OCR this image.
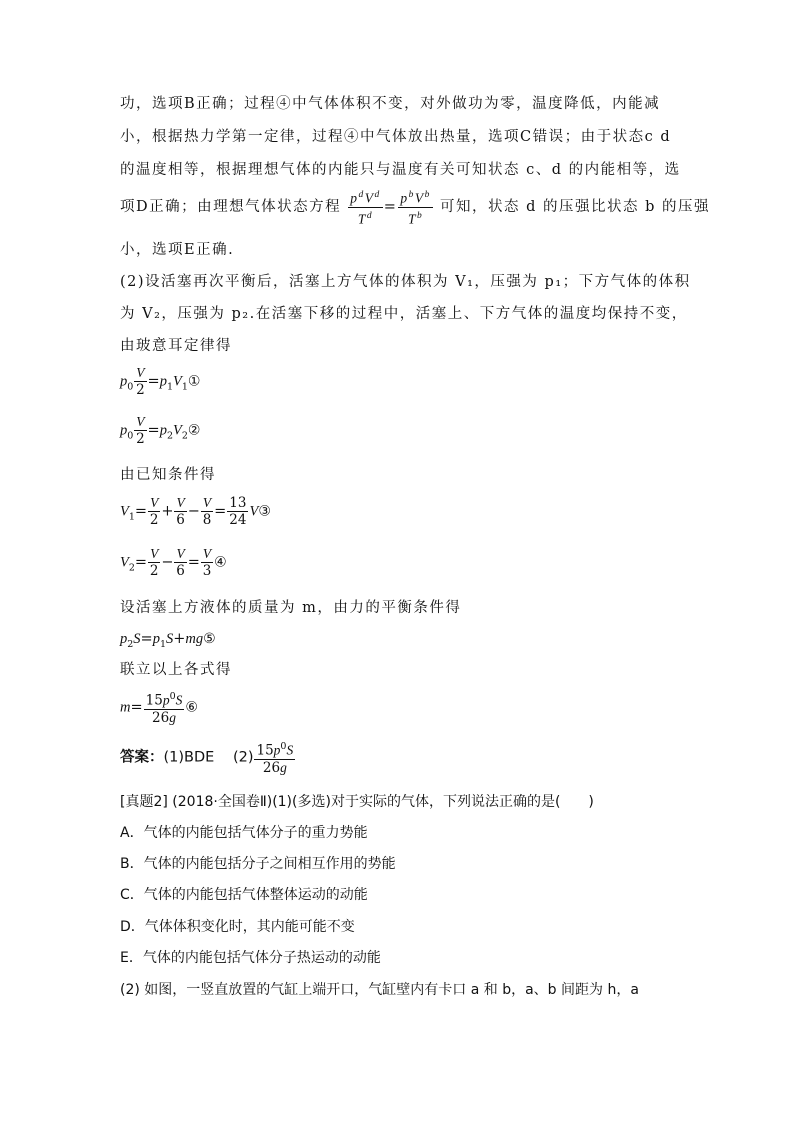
功，选项B正确；过程④中气体体积不变，对外做功为零，温度降低，内能减
小，根据热力学第一定律，过程④中气体放出热量，选项C错误；由于状态c d
的温度相等，根据理想气体的内能只与温度有关可知状态 c、d 的内能相等，选
项D正确；由理想气体状态方程 $\frac{p^dV^d}{T^d} = \frac{p^bV^b}{T^b}$ 可知，状态 d 的压强比状态 b 的压强
小，选项E正确.
(2)设活塞再次平衡后，活塞上方气体的体积为 V₁，压强为 p₁；下方气体的体积
为 V₂，压强为 p₂.在活塞下移的过程中，活塞上、下方气体的温度均保持不变，
由玻意耳定律得
$p_0 \frac{V}{2}$ $=p_1V_1①$
$p_0 \frac{V}{2}$ $=p_2V_2②$
由已知条件得
$V_1= \frac{V}{2} + \frac{V}{6} - \frac{V}{8} = \frac{13}{24}$ V③
$V_2= \frac{V}{2} - \frac{V}{6} = \frac{V}{3}$ ④
设活塞上方液体的质量为 m，由力的平衡条件得
$p_2S=p_1S+mg⑤$
联立以上各式得
$m= \frac{15p^0S}{26g}$ ⑥
答案：(1)BDE $(2) \frac{15p^0S}{26g}$
[真题2] (2018·全国卷Ⅱ)(1)(多选)对于实际的气体，下列说法正确的是(　　)
A．气体的内能包括气体分子的重力势能
B．气体的内能包括分子之间相互作用的势能
C．气体的内能包括气体整体运动的动能
D．气体体积变化时，其内能可能不变
E．气体的内能包括气体分子热运动的动能
(2) 如图，一竖直放置的气缸上端开口，气缸壁内有卡口 a 和 b，a、b 间距为 h，a
